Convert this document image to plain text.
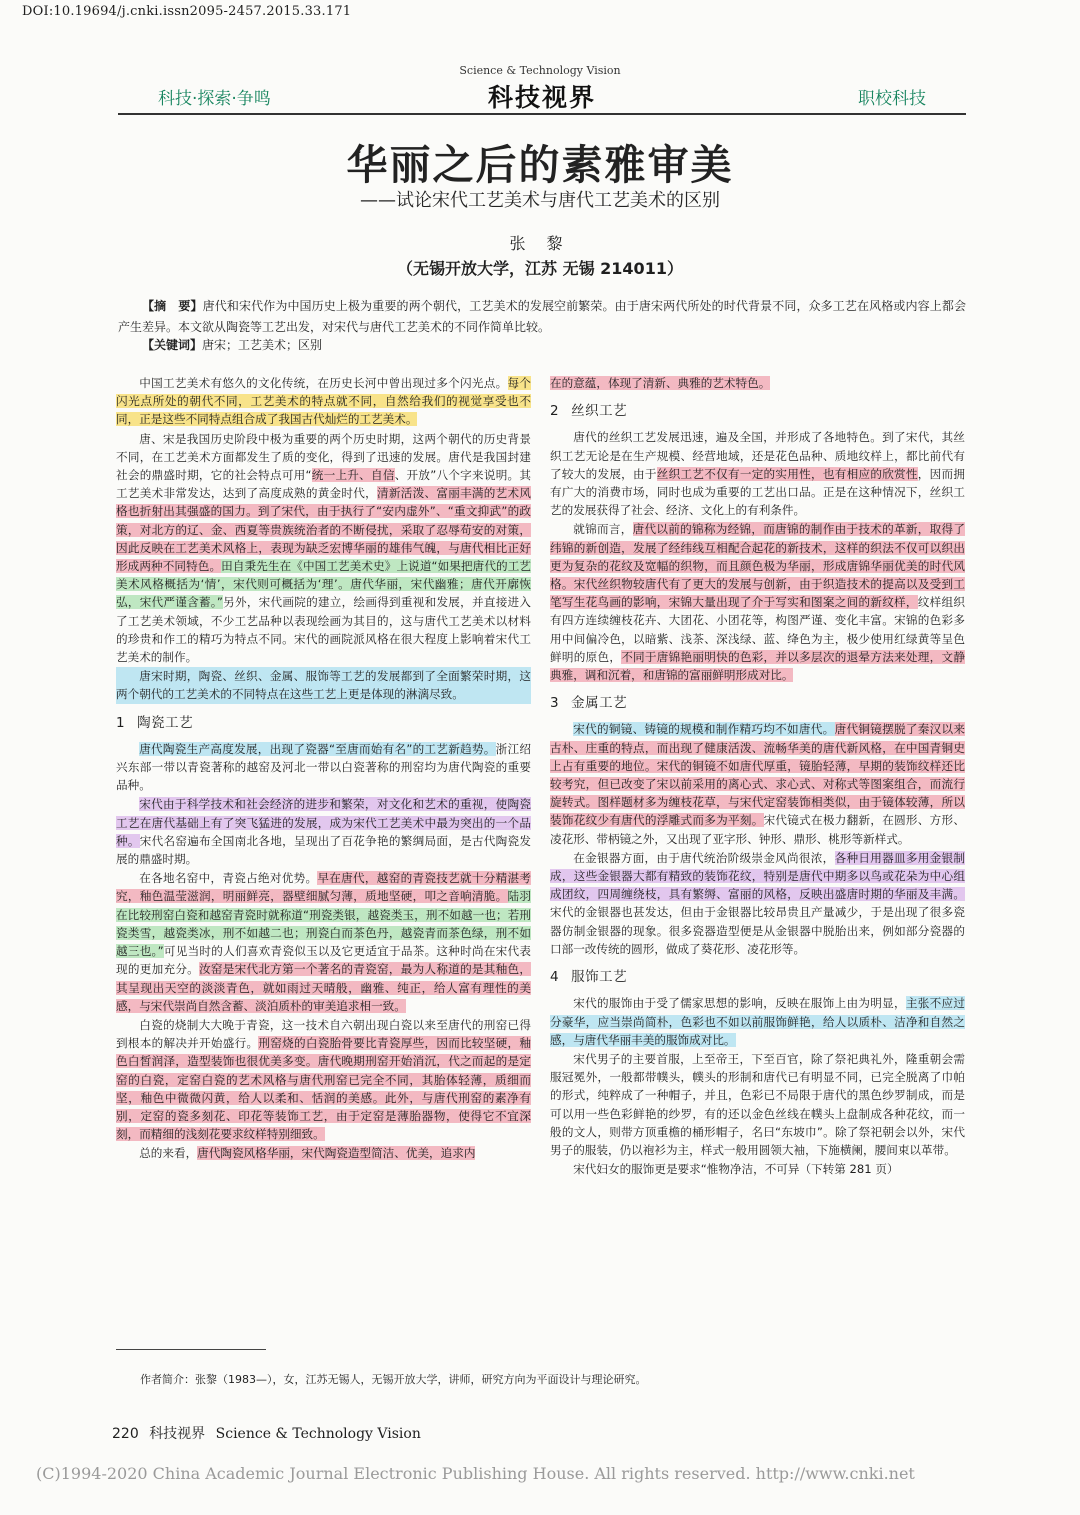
DOI:10.19694/j.cnki.issn2095-2457.2015.33.171
Science & Technology Vision
科技·探索·争鸣	科技视界	职校科技
华丽之后的素雅审美
——试论宋代工艺美术与唐代工艺美术的区别
张 黎
（无锡开放大学，江苏 无锡 214011）
【摘　要】唐代和宋代作为中国历史上极为重要的两个朝代，工艺美术的发展空前繁荣。由于唐宋两代所处的时代背景不同，众多工艺在风格或内容上都会产生差异。本文欲从陶瓷等工艺出发，对宋代与唐代工艺美术的不同作简单比较。
【关键词】唐宋；工艺美术；区别

中国工艺美术有悠久的文化传统，在历史长河中曾出现过多个闪光点。每个闪光点所处的朝代不同，工艺美术的特点就不同，自然给我们的视觉享受也不同，正是这些不同特点组合成了我国古代灿烂的工艺美术。

唐、宋是我国历史阶段中极为重要的两个历史时期，这两个朝代的历史背景不同，在工艺美术方面都发生了质的变化，得到了迅速的发展。唐代是我国封建社会的鼎盛时期，它的社会特点可用“统一上升、自信、开放”八个字来说明。其工艺美术非常发达，达到了高度成熟的黄金时代，清新活泼、富丽丰满的艺术风格也折射出其强盛的国力。到了宋代，由于执行了“安内虚外”、“重文抑武”的政策，对北方的辽、金、西夏等贵族统治者的不断侵扰，采取了忍辱苟安的对策，因此反映在工艺美术风格上，表现为缺乏宏博华丽的雄伟气魄，与唐代相比正好形成两种不同特色。田自秉先生在《中国工艺美术史》上说道“如果把唐代的工艺美术风格概括为‘情’，宋代则可概括为‘理’。唐代华丽，宋代幽雅；唐代开廓恢弘，宋代严谨含蓄。”另外，宋代画院的建立，绘画得到重视和发展，并直接进入了工艺美术领域，不少工艺品种以表现绘画为其目的，这与唐代工艺美术以材料的珍贵和作工的精巧为特点不同。宋代的画院派风格在很大程度上影响着宋代工艺美术的制作。

唐宋时期，陶瓷、丝织、金属、服饰等工艺的发展都到了全面繁荣时期，这两个朝代的工艺美术的不同特点在这些工艺上更是体现的淋漓尽致。

1 陶瓷工艺

唐代陶瓷生产高度发展，出现了瓷器“至唐而始有名”的工艺新趋势。浙江绍兴东部一带以青瓷著称的越窑及河北一带以白瓷著称的刑窑均为唐代陶瓷的重要品种。

宋代由于科学技术和社会经济的进步和繁荣，对文化和艺术的重视，使陶瓷工艺在唐代基础上有了突飞猛进的发展，成为宋代工艺美术中最为突出的一个品种。宋代名窑遍布全国南北各地，呈现出了百花争艳的繁绸局面，是古代陶瓷发展的鼎盛时期。

在各地名窑中，青瓷占绝对优势。早在唐代，越窑的青瓷技艺就十分精湛考究，釉色温莹滋润，明丽鲜亮，器壁细腻匀薄，质地坚硬，叩之音响清脆。陆羽在比较刑窑白瓷和越窑青瓷时就称道“刑瓷类银，越瓷类玉，刑不如越一也；若刑瓷类雪，越瓷类冰，刑不如越二也；刑瓷白而茶色丹，越瓷青而茶色绿，刑不如越三也。”可见当时的人们喜欢青瓷似玉以及它更适宜于品茶。这种时尚在宋代表现的更加充分。汝窑是宋代北方第一个著名的青瓷窑，最为人称道的是其釉色，其呈现出天空的淡淡青色，就如雨过天晴般，幽雅、纯正，给人富有理性的美感，与宋代崇尚自然含蓄、淡泊质朴的审美追求相一致。

白瓷的烧制大大晚于青瓷，这一技术自六朝出现白瓷以来至唐代的刑窑已得到根本的解决并开始盛行。刑窑烧的白瓷胎骨要比青瓷厚些，因而比较坚硬，釉色白皙润泽，造型装饰也很优美多变。唐代晚期刑窑开始消沉，代之而起的是定窑的白瓷，定窑白瓷的艺术风格与唐代刑窑已完全不同，其胎体轻薄，质细而坚，釉色中微微闪黄，给人以柔和、恬润的美感。此外，与唐代刑窑的素净有别，定窑的瓷多刻花、印花等装饰工艺，由于定窑是薄胎器物，使得它不宜深刻，而精细的浅刻花要求纹样特别细致。

总的来看，唐代陶瓷风格华丽，宋代陶瓷造型简洁、优美，追求内

在的意蕴，体现了清新、典雅的艺术特色。

2 丝织工艺

唐代的丝织工艺发展迅速，遍及全国，并形成了各地特色。到了宋代，其丝织工艺无论是在生产规模、经营地域，还是花色品种、质地纹样上，都比前代有了较大的发展，由于丝织工艺不仅有一定的实用性，也有相应的欣赏性，因而拥有广大的消费市场，同时也成为重要的工艺出口品。正是在这种情况下，丝织工艺的发展获得了社会、经济、文化上的有利条件。

就锦而言，唐代以前的锦称为经锦，而唐锦的制作由于技术的革新，取得了纬锦的新创造，发展了经纬线互相配合起花的新技术，这样的织法不仅可以织出更为复杂的花纹及宽幅的织物，而且颜色极为华丽，形成唐锦华丽优美的时代风格。宋代丝织物较唐代有了更大的发展与创新，由于织造技术的提高以及受到工笔写生花鸟画的影响，宋锦大量出现了介于写实和图案之间的新纹样，纹样组织有四方连续缠枝花卉、大团花、小团花等，构图严谨、变化丰富。宋锦的色彩多用中间偏冷色，以暗紫、浅茶、深浅绿、蓝、绛色为主，极少使用红绿黄等呈色鲜明的原色，不同于唐锦艳丽明快的色彩，并以多层次的退晕方法来处理，文静典雅，调和沉着，和唐锦的富丽鲜明形成对比。

3 金属工艺

宋代的铜镜、铸镜的规模和制作精巧均不如唐代。唐代铜镜摆脱了秦汉以来古朴、庄重的特点，而出现了健康活泼、流畅华美的唐代新风格，在中国青铜史上占有重要的地位。宋代的铜镜不如唐代厚重，镜胎轻薄，早期的装饰纹样还比较考究，但已改变了宋以前采用的离心式、求心式、对称式等图案组合，而流行旋转式。图样题材多为缠枝花草，与宋代定窑装饰相类似，由于镜体较薄，所以装饰花纹少有唐代的浮雕式而多为平刻。宋代镜式在极力翻新，在圆形、方形、凌花形、带柄镜之外，又出现了亚字形、钟形、鼎形、桃形等新样式。

在金银器方面，由于唐代统治阶级崇金风尚很浓，各种日用器皿多用金银制成，这些金银器大都有精致的装饰花纹，特别是唐代中期多以鸟或花朵为中心组成团纹，四周缠绕枝，具有繁缛、富丽的风格，反映出盛唐时期的华丽及丰满。宋代的金银器也甚发达，但由于金银器比较昂贵且产量减少，于是出现了很多瓷器仿制金银器的现象。很多瓷器造型便是从金银器中脱胎出来，例如部分瓷器的口部一改传统的圆形，做成了葵花形、凌花形等。

4 服饰工艺

宋代的服饰由于受了儒家思想的影响，反映在服饰上由为明显，主张不应过分豪华，应当崇尚简朴，色彩也不如以前服饰鲜艳，给人以质朴、洁净和自然之感，与唐代华丽丰美的服饰成对比。

宋代男子的主要首服，上至帝王，下至百官，除了祭祀典礼外，隆重朝会需服冠冕外，一般都带幞头，幞头的形制和唐代已有明显不同，已完全脱离了巾帕的形式，纯粹成了一种帽子，并且，色彩已不局限于唐代的黑色纱罗制成，而是可以用一些色彩鲜艳的纱罗，有的还以金色丝线在幞头上盘制成各种花纹，而一般的文人，则带方顶重檐的桶形帽子，名曰“东坡巾”。除了祭祀朝会以外，宋代男子的服装，仍以袍衫为主，样式一般用圆领大袖，下施横阑，腰间束以革带。

宋代妇女的服饰更是要求“惟物净洁，不可异（下转第 281 页）

作者简介：张黎（1983—），女，江苏无锡人，无锡开放大学，讲师，研究方向为平面设计与理论研究。
220 科技视界 Science & Technology Vision
(C)1994-2020 China Academic Journal Electronic Publishing House. All rights reserved. http://www.cnki.net
